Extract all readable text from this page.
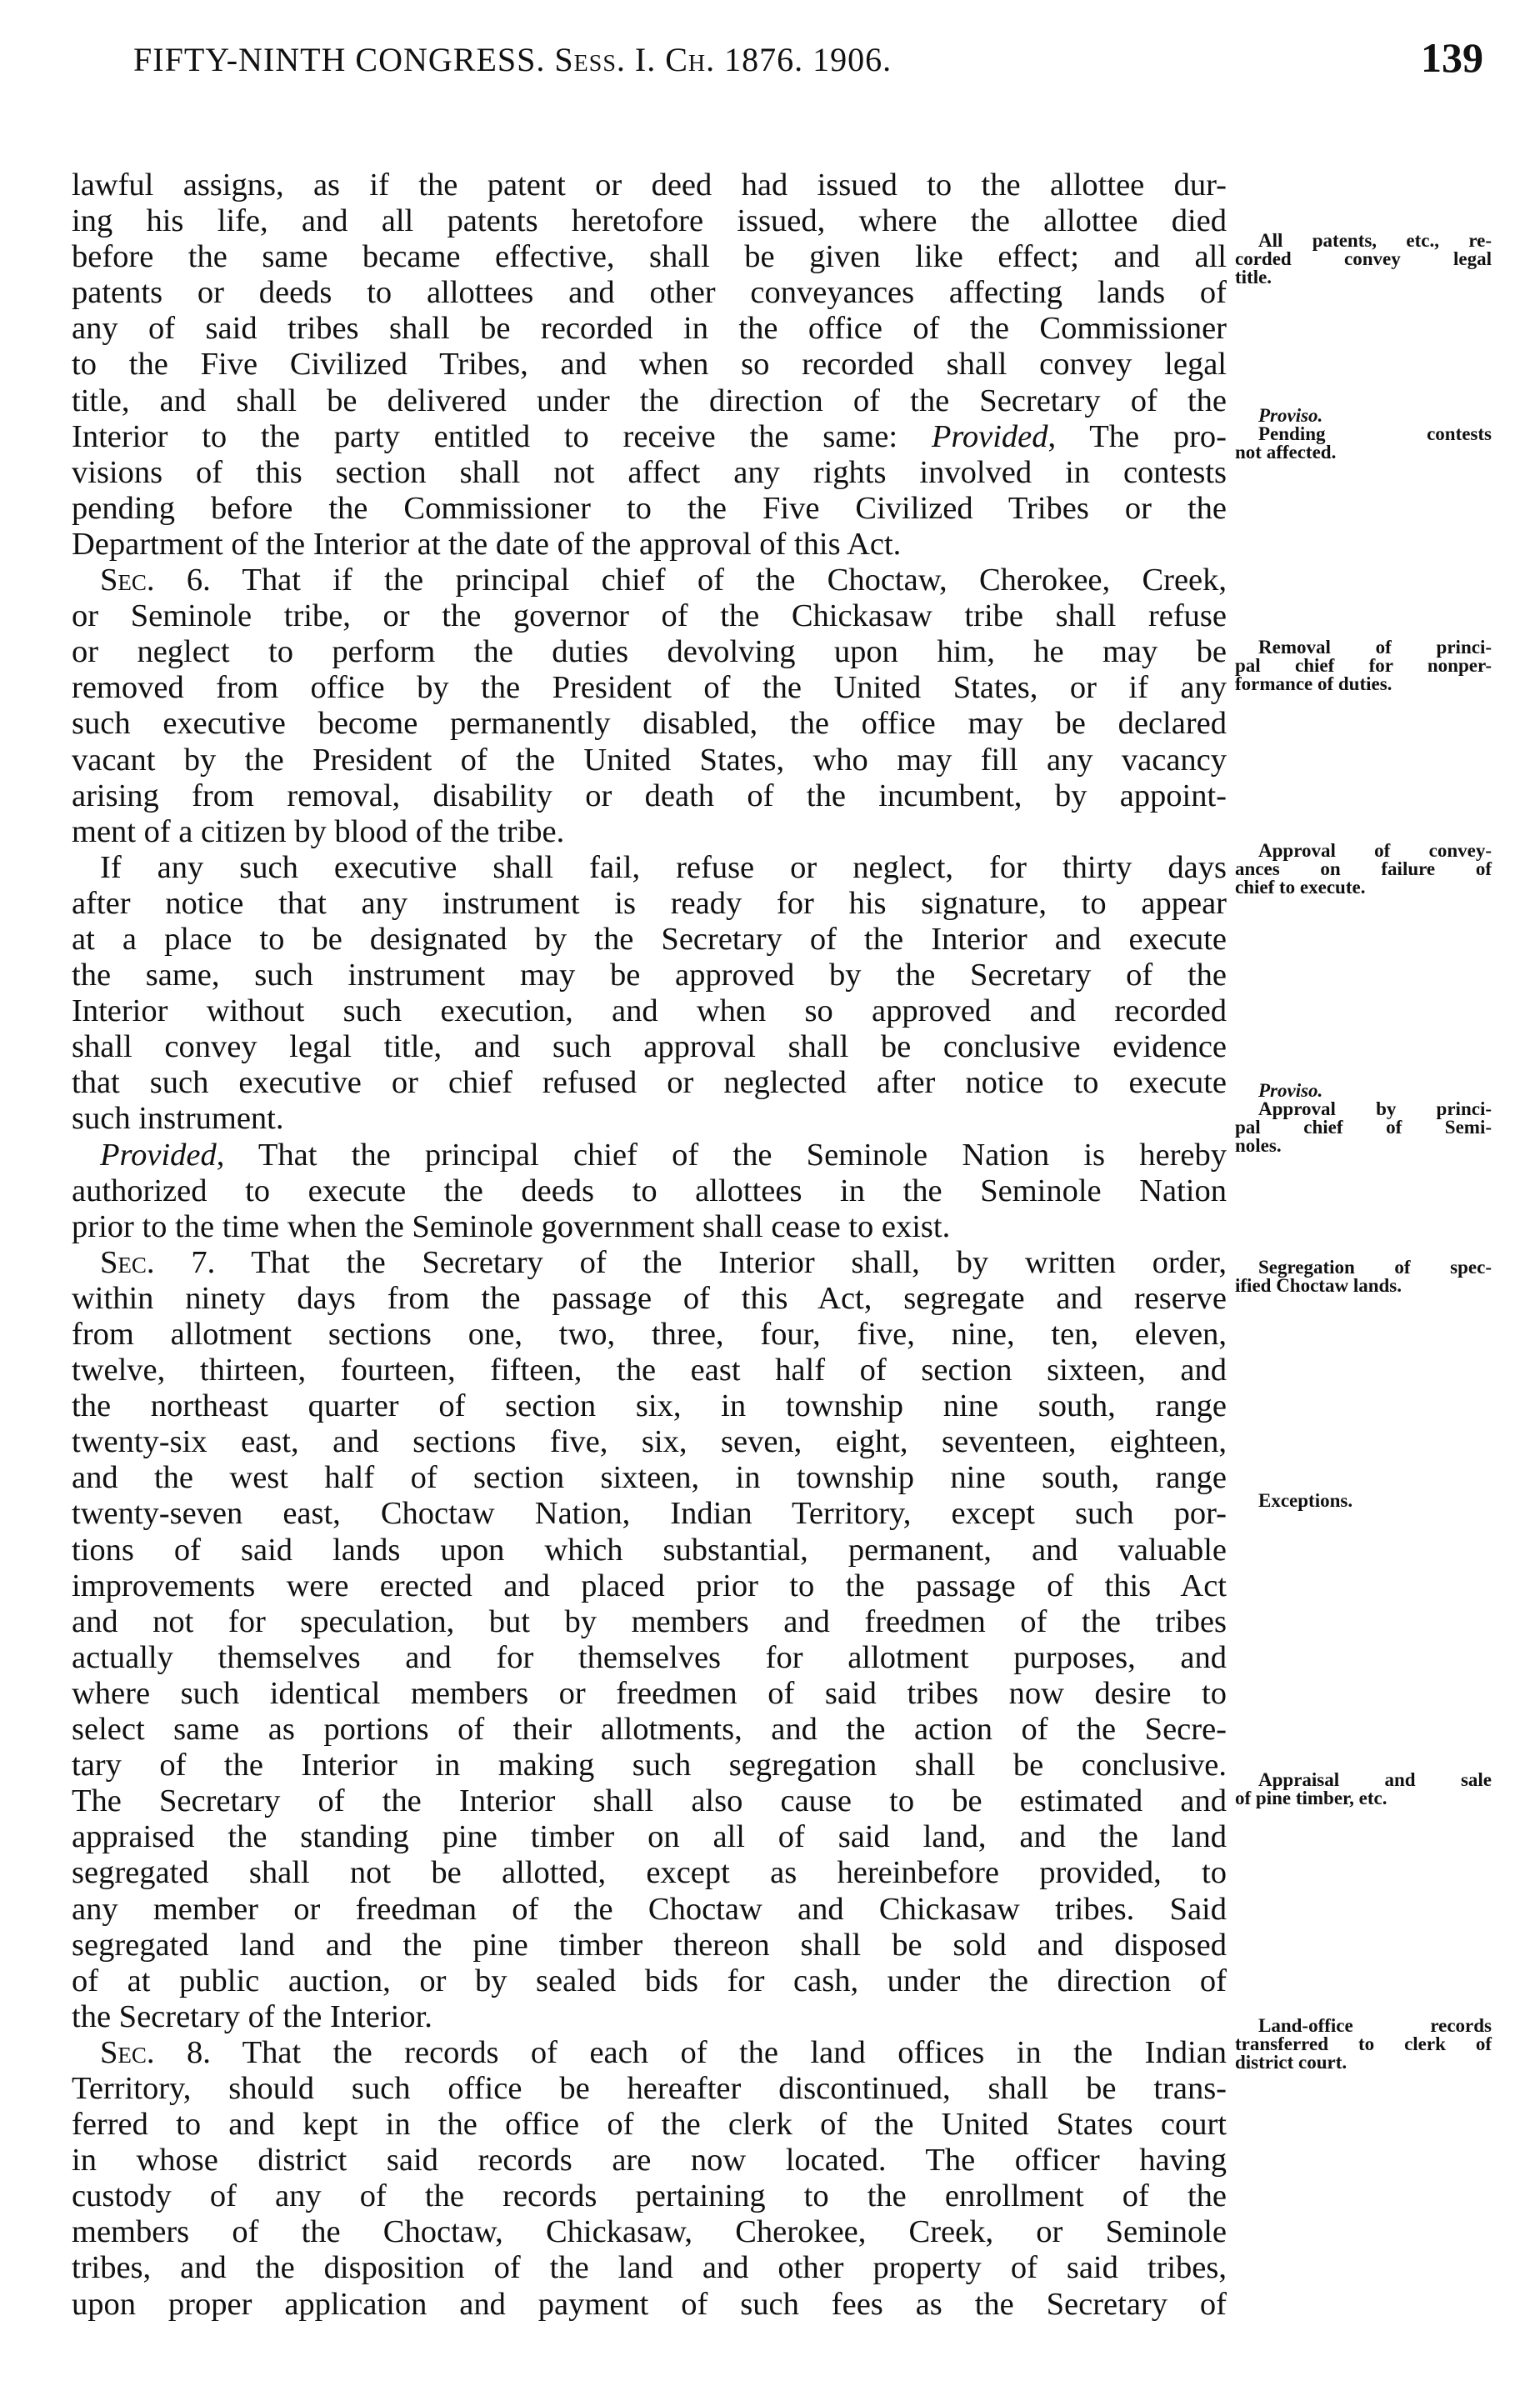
FIFTY-NINTH CONGRESS. Sess. I. Ch. 1876. 1906.	139
lawful assigns, as if the patent or deed had issued to the allottee dur-
ing his life, and all patents heretofore issued, where the allottee died
before the same became effective, shall be given like effect; and all
patents or deeds to allottees and other conveyances affecting lands of
any of said tribes shall be recorded in the office of the Commissioner
to the Five Civilized Tribes, and when so recorded shall convey legal
title, and shall be delivered under the direction of the Secretary of the
Interior to the party entitled to receive the same: Provided, The pro-
visions of this section shall not affect any rights involved in contests
pending before the Commissioner to the Five Civilized Tribes or the
Department of the Interior at the date of the approval of this Act.
Sec. 6. That if the principal chief of the Choctaw, Cherokee, Creek,
or Seminole tribe, or the governor of the Chickasaw tribe shall refuse
or neglect to perform the duties devolving upon him, he may be
removed from office by the President of the United States, or if any
such executive become permanently disabled, the office may be declared
vacant by the President of the United States, who may fill any vacancy
arising from removal, disability or death of the incumbent, by appoint-
ment of a citizen by blood of the tribe.
If any such executive shall fail, refuse or neglect, for thirty days
after notice that any instrument is ready for his signature, to appear
at a place to be designated by the Secretary of the Interior and execute
the same, such instrument may be approved by the Secretary of the
Interior without such execution, and when so approved and recorded
shall convey legal title, and such approval shall be conclusive evidence
that such executive or chief refused or neglected after notice to execute
such instrument.
Provided, That the principal chief of the Seminole Nation is hereby
authorized to execute the deeds to allottees in the Seminole Nation
prior to the time when the Seminole government shall cease to exist.
Sec. 7. That the Secretary of the Interior shall, by written order,
within ninety days from the passage of this Act, segregate and reserve
from allotment sections one, two, three, four, five, nine, ten, eleven,
twelve, thirteen, fourteen, fifteen, the east half of section sixteen, and
the northeast quarter of section six, in township nine south, range
twenty-six east, and sections five, six, seven, eight, seventeen, eighteen,
and the west half of section sixteen, in township nine south, range
twenty-seven east, Choctaw Nation, Indian Territory, except such por-
tions of said lands upon which substantial, permanent, and valuable
improvements were erected and placed prior to the passage of this Act
and not for speculation, but by members and freedmen of the tribes
actually themselves and for themselves for allotment purposes, and
where such identical members or freedmen of said tribes now desire to
select same as portions of their allotments, and the action of the Secre-
tary of the Interior in making such segregation shall be conclusive.
The Secretary of the Interior shall also cause to be estimated and
appraised the standing pine timber on all of said land, and the land
segregated shall not be allotted, except as hereinbefore provided, to
any member or freedman of the Choctaw and Chickasaw tribes. Said
segregated land and the pine timber thereon shall be sold and disposed
of at public auction, or by sealed bids for cash, under the direction of
the Secretary of the Interior.
Sec. 8. That the records of each of the land offices in the Indian
Territory, should such office be hereafter discontinued, shall be trans-
ferred to and kept in the office of the clerk of the United States court
in whose district said records are now located. The officer having
custody of any of the records pertaining to the enrollment of the
members of the Choctaw, Chickasaw, Cherokee, Creek, or Seminole
tribes, and the disposition of the land and other property of said tribes,
upon proper application and payment of such fees as the Secretary of
All patents, etc., re-
corded convey legal
title.
Proviso.
Pending contests
not affected.
Removal of princi-
pal chief for nonper-
formance of duties.
Approval of convey-
ances on failure of
chief to execute.
Proviso.
Approval by princi-
pal chief of Semi-
noles.
Segregation of spec-
ified Choctaw lands.
Exceptions.
Appraisal and sale
of pine timber, etc.
Land-office records
transferred to clerk of
district court.
